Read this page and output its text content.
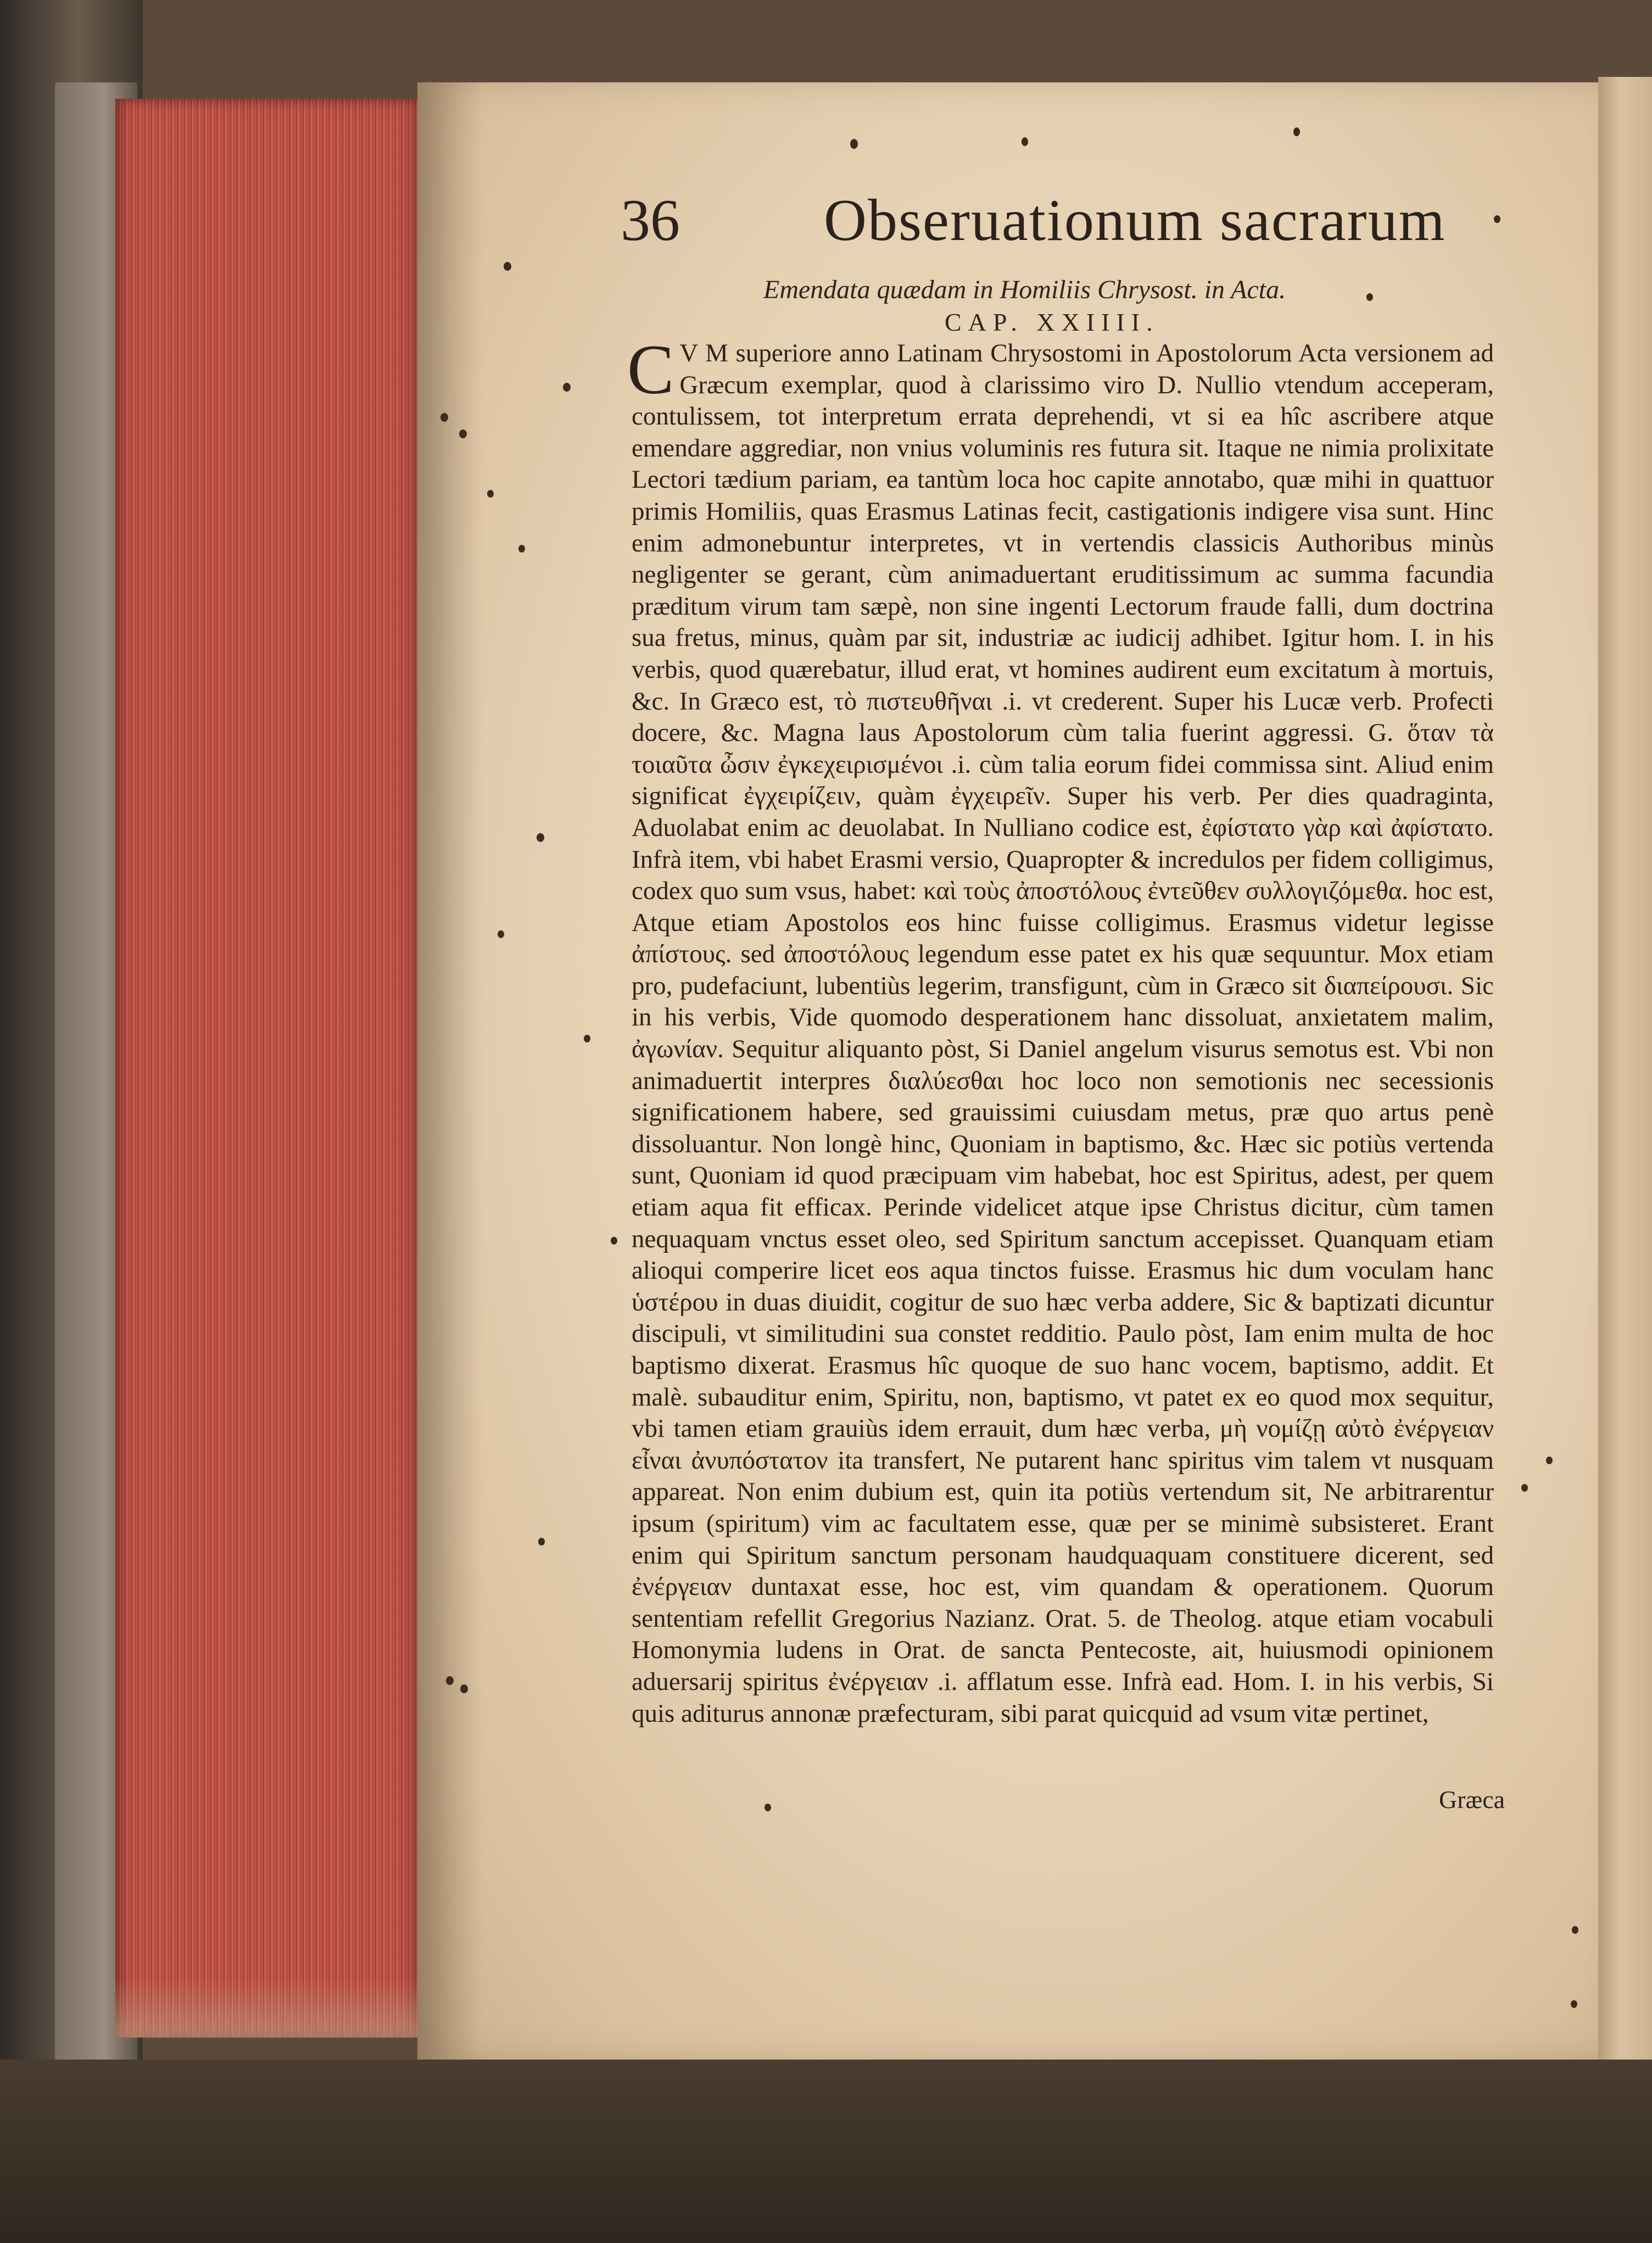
36 Obseruationum sacrarum
Emendata quædam in Homiliis Chrysost. in Acta.
CAP. XXIIII.
C V M superiore anno Latinam Chrysostomi in Apostolorum Acta versionem ad Græcum exemplar, quod à clarissimo viro D. Nullio vtendum acceperam, contulissem, tot interpretum errata deprehendi, vt si ea hîc ascribere atque emendare aggrediar, non vnius voluminis res futura sit. Itaque ne nimia prolixitate Lectori tædium pariam, ea tantùm loca hoc capite annotabo, quæ mihi in quattuor primis Homiliis, quas Erasmus Latinas fecit, castigationis indigere visa sunt. Hinc enim admonebuntur interpretes, vt in vertendis classicis Authoribus minùs negligenter se gerant, cùm animaduertant eruditissimum ac summa facundia præditum virum tam sæpè, non sine ingenti Lectorum fraude falli, dum doctrina sua fretus, minus, quàm par sit, industriæ ac iudicij adhibet. Igitur hom. I. in his verbis, quod quærebatur, illud erat, vt homines audirent eum excitatum à mortuis, &c. In Græco est, τὸ πιστευθῆναι .i. vt crederent. Super his Lucæ verb. Profecti docere, &c. Magna laus Apostolorum cùm talia fuerint aggressi. G. ὅταν τὰ τοιαῦτα ὦσιν ἐγκεχειρισμένοι .i. cùm talia eorum fidei commissa sint. Aliud enim significat ἐγχειρίζειν, quàm ἐγχειρεῖν. Super his verb. Per dies quadraginta, Aduolabat enim ac deuolabat. In Nulliano codice est, ἐφίστατο γὰρ καὶ ἀφίστατο. Infrà item, vbi habet Erasmi versio, Quapropter & incredulos per fidem colligimus, codex quo sum vsus, habet: καὶ τοὺς ἀποστόλους ἐντεῦθεν συλλογιζόμεθα. hoc est, Atque etiam Apostolos eos hinc fuisse colligimus. Erasmus videtur legisse ἀπίστους. sed ἀποστόλους legendum esse patet ex his quæ sequuntur. Mox etiam pro, pudefaciunt, lubentiùs legerim, transfigunt, cùm in Græco sit διαπείρουσι. Sic in his verbis, Vide quomodo desperationem hanc dissoluat, anxietatem malim, ἀγωνίαν. Sequitur aliquanto pòst, Si Daniel angelum visurus semotus est. Vbi non animaduertit interpres διαλύεσθαι hoc loco non semotionis nec secessionis significationem habere, sed grauissimi cuiusdam metus, præ quo artus penè dissoluantur. Non longè hinc, Quoniam in baptismo, &c. Hæc sic potiùs vertenda sunt, Quoniam id quod præcipuam vim habebat, hoc est Spiritus, adest, per quem etiam aqua fit efficax. Perinde videlicet atque ipse Christus dicitur, cùm tamen nequaquam vnctus esset oleo, sed Spiritum sanctum accepisset. Quanquam etiam alioqui comperire licet eos aqua tinctos fuisse. Erasmus hic dum voculam hanc ὑστέρου in duas diuidit, cogitur de suo hæc verba addere, Sic & baptizati dicuntur discipuli, vt similitudini sua constet redditio. Paulo pòst, Iam enim multa de hoc baptismo dixerat. Erasmus hîc quoque de suo hanc vocem, baptismo, addit. Et malè. subauditur enim, Spiritu, non, baptismo, vt patet ex eo quod mox sequitur, vbi tamen etiam grauiùs idem errauit, dum hæc verba, μὴ νομίζῃ αὐτὸ ἐνέργειαν εἶναι ἀνυπόστατον ita transfert, Ne putarent hanc spiritus vim talem vt nusquam appareat. Non enim dubium est, quin ita potiùs vertendum sit, Ne arbitrarentur ipsum (spiritum) vim ac facultatem esse, quæ per se minimè subsisteret. Erant enim qui Spiritum sanctum personam haudquaquam constituere dicerent, sed ἐνέργειαν duntaxat esse, hoc est, vim quandam & operationem. Quorum sententiam refellit Gregorius Nazianz. Orat. 5. de Theolog. atque etiam vocabuli Homonymia ludens in Orat. de sancta Pentecoste, ait, huiusmodi opinionem aduersarij spiritus ἐνέργειαν .i. afflatum esse. Infrà ead. Hom. I. in his verbis, Si quis aditurus annonæ præfecturam, sibi parat quicquid ad vsum vitæ pertinet,
Græca
